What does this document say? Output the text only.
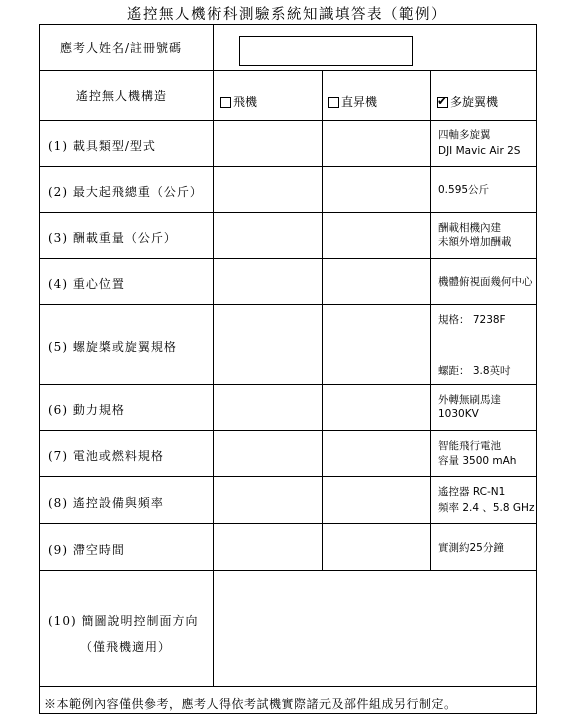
遙控無人機術科測驗系統知識填答表（範例）
應考人姓名/註冊號碼
遙控無人機構造	飛機	直昇機
✔	多旋翼機
(1) 載具類型/型式
(2) 最大起飛總重（公斤）
(3) 酬載重量（公斤）
(4) 重心位置
(5) 螺旋槳或旋翼規格
(6) 動力規格
(7) 電池或燃料規格
(8) 遙控設備與頻率
(9) 滯空時間
四軸多旋翼
DJI Mavic Air 2S
0.595公斤
酬載相機內建
未額外增加酬載
機體俯視面幾何中心
規格： 7238F
螺距： 3.8英吋
外轉無刷馬達
1030KV
智能飛行電池
容量 3500 mAh
遙控器 RC-N1
頻率 2.4 、5.8 GHz
實測約25分鐘
(10) 簡圖說明控制面方向
（僅飛機適用）
※本範例內容僅供參考，應考人得依考試機實際諸元及部件組成另行制定。
